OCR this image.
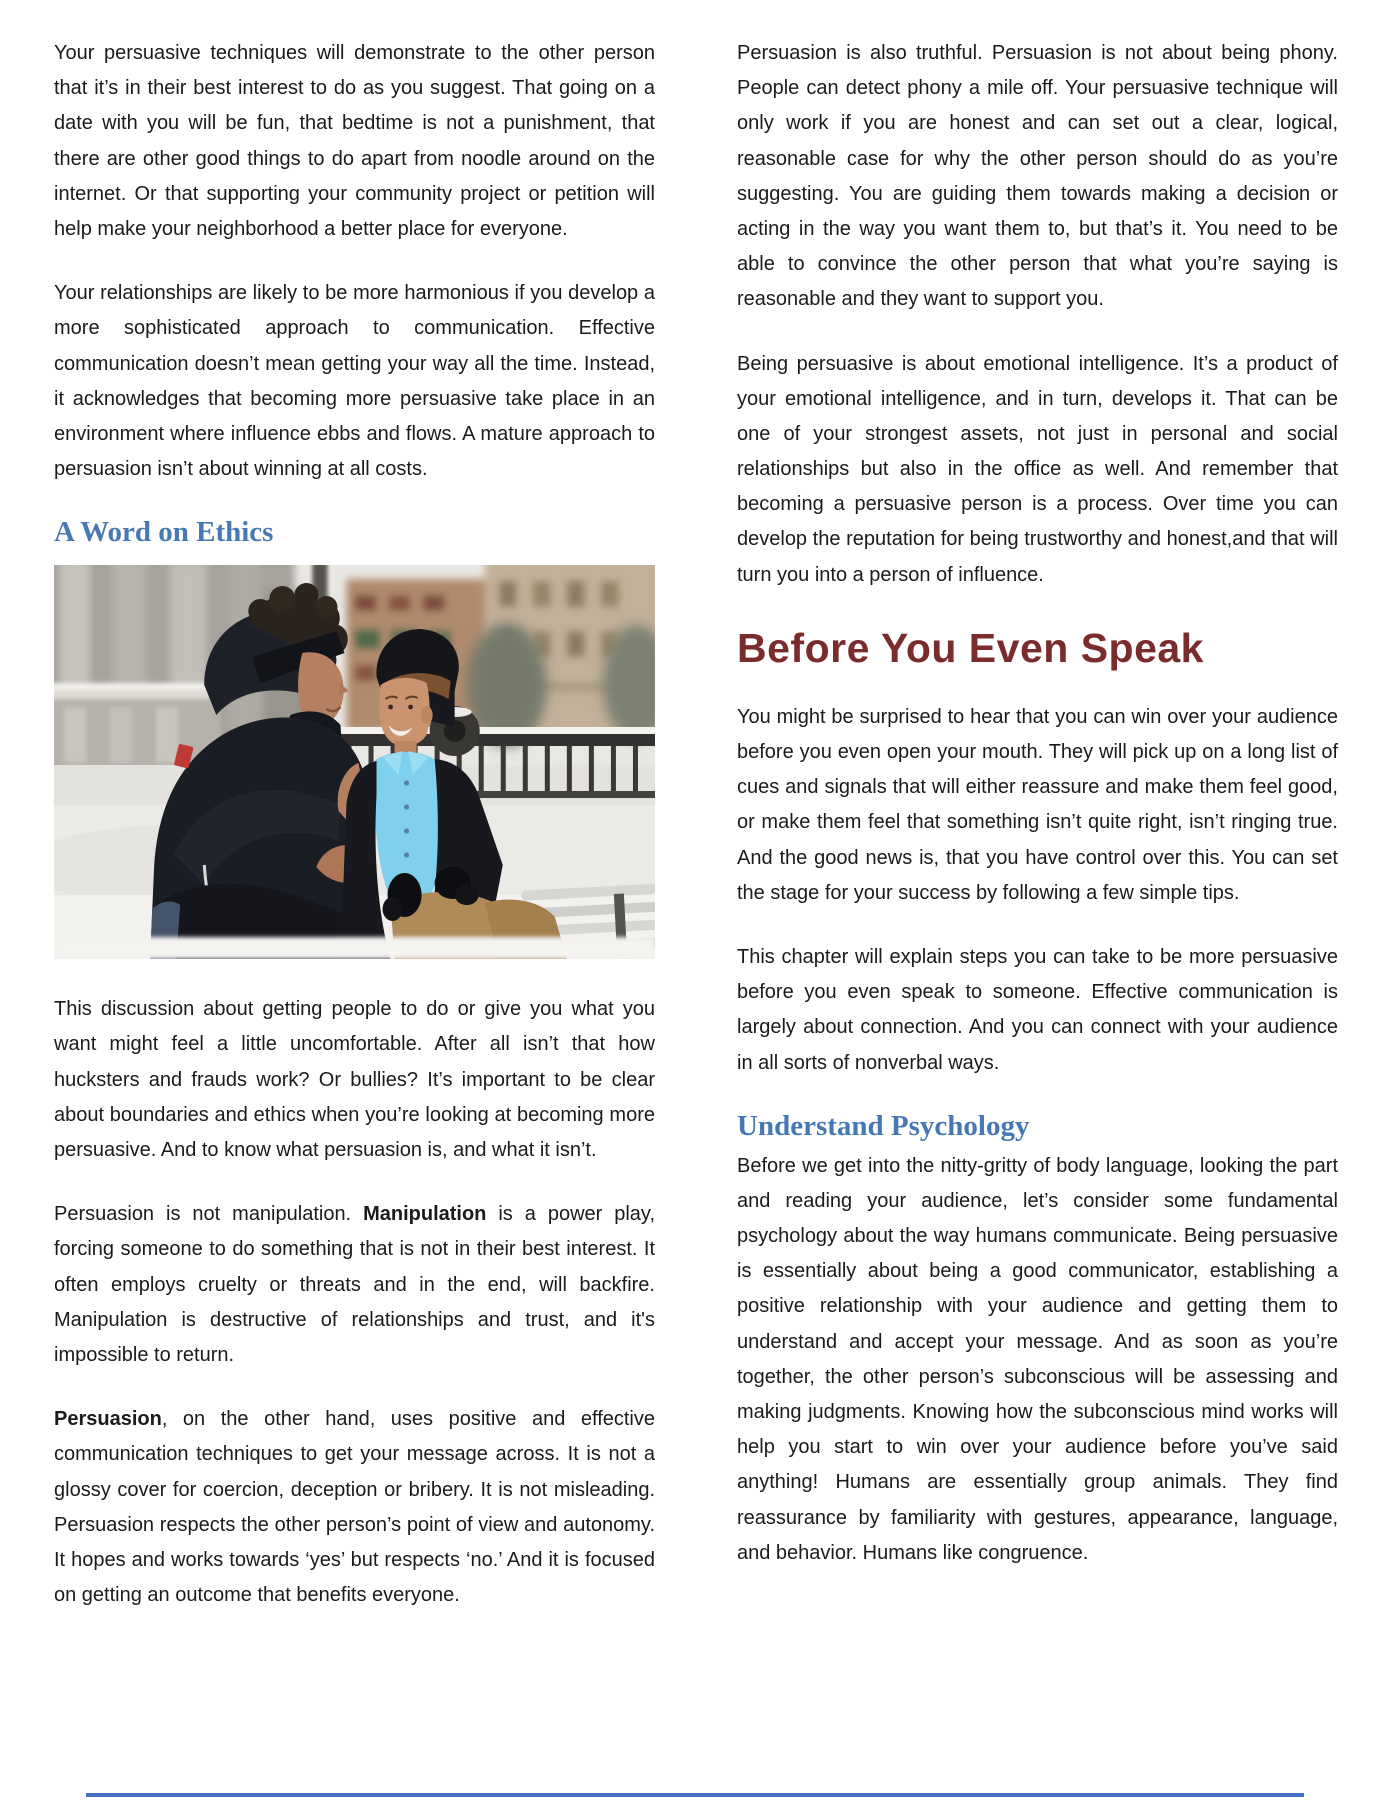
Your persuasive techniques will demonstrate to the other person that it’s in their best interest to do as you suggest. That going on a date with you will be fun, that bedtime is not a punishment, that there are other good things to do apart from noodle around on the internet. Or that supporting your community project or petition will help make your neighborhood a better place for everyone.

Your relationships are likely to be more harmonious if you develop a more sophisticated approach to communication. Effective communication doesn’t mean getting your way all the time. Instead, it acknowledges that becoming more persuasive take place in an environment where influence ebbs and flows. A mature approach to persuasion isn’t about winning at all costs.

A Word on Ethics

This discussion about getting people to do or give you what you want might feel a little uncomfortable. After all isn’t that how hucksters and frauds work? Or bullies? It’s important to be clear about boundaries and ethics when you’re looking at becoming more persuasive. And to know what persuasion is, and what it isn’t.

Persuasion is not manipulation. Manipulation is a power play, forcing someone to do something that is not in their best interest. It often employs cruelty or threats and in the end, will backfire. Manipulation is destructive of relationships and trust, and it's impossible to return.

Persuasion, on the other hand, uses positive and effective communication techniques to get your message across. It is not a glossy cover for coercion, deception or bribery. It is not misleading. Persuasion respects the other person’s point of view and autonomy. It hopes and works towards ‘yes’ but respects ‘no.’ And it is focused on getting an outcome that benefits everyone.

Persuasion is also truthful. Persuasion is not about being phony. People can detect phony a mile off. Your persuasive technique will only work if you are honest and can set out a clear, logical, reasonable case for why the other person should do as you’re suggesting. You are guiding them towards making a decision or acting in the way you want them to, but that’s it. You need to be able to convince the other person that what you’re saying is reasonable and they want to support you.

Being persuasive is about emotional intelligence. It’s a product of your emotional intelligence, and in turn, develops it. That can be one of your strongest assets, not just in personal and social relationships but also in the office as well. And remember that becoming a persuasive person is a process. Over time you can develop the reputation for being trustworthy and honest,and that will turn you into a person of influence.

Before You Even Speak

You might be surprised to hear that you can win over your audience before you even open your mouth. They will pick up on a long list of cues and signals that will either reassure and make them feel good, or make them feel that something isn’t quite right, isn’t ringing true. And the good news is, that you have control over this. You can set the stage for your success by following a few simple tips.

This chapter will explain steps you can take to be more persuasive before you even speak to someone. Effective communication is largely about connection. And you can connect with your audience in all sorts of nonverbal ways.

Understand Psychology

Before we get into the nitty-gritty of body language, looking the part and reading your audience, let’s consider some fundamental psychology about the way humans communicate. Being persuasive is essentially about being a good communicator, establishing a positive relationship with your audience and getting them to understand and accept your message. And as soon as you’re together, the other person’s subconscious will be assessing and making judgments. Knowing how the subconscious mind works will help you start to win over your audience before you’ve said anything! Humans are essentially group animals. They find reassurance by familiarity with gestures, appearance, language, and behavior. Humans like congruence.
